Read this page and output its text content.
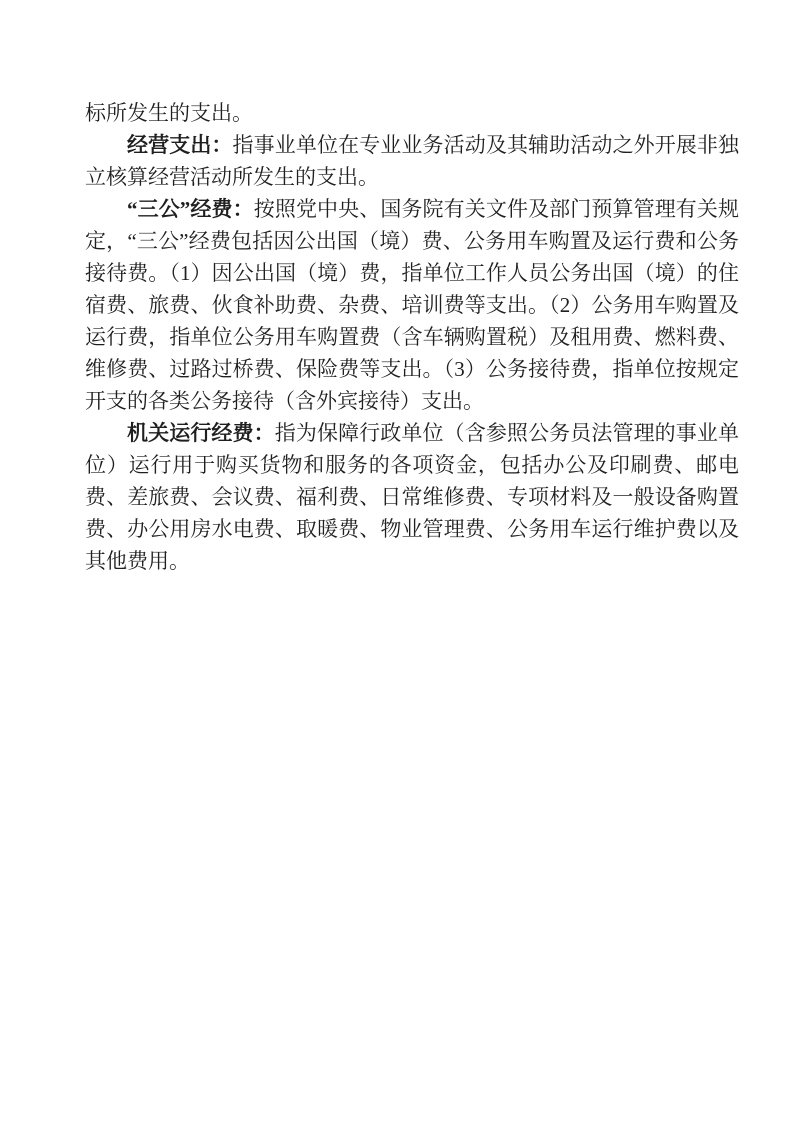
标所发生的支出。

经营支出：指事业单位在专业业务活动及其辅助活动之外开展非独立核算经营活动所发生的支出。

“三公”经费：按照党中央、国务院有关文件及部门预算管理有关规定，“三公”经费包括因公出国（境）费、公务用车购置及运行费和公务接待费。（1）因公出国（境）费，指单位工作人员公务出国（境）的住宿费、旅费、伙食补助费、杂费、培训费等支出。（2）公务用车购置及运行费，指单位公务用车购置费（含车辆购置税）及租用费、燃料费、维修费、过路过桥费、保险费等支出。（3）公务接待费，指单位按规定开支的各类公务接待（含外宾接待）支出。

机关运行经费：指为保障行政单位（含参照公务员法管理的事业单位）运行用于购买货物和服务的各项资金，包括办公及印刷费、邮电费、差旅费、会议费、福利费、日常维修费、专项材料及一般设备购置费、办公用房水电费、取暖费、物业管理费、公务用车运行维护费以及其他费用。
